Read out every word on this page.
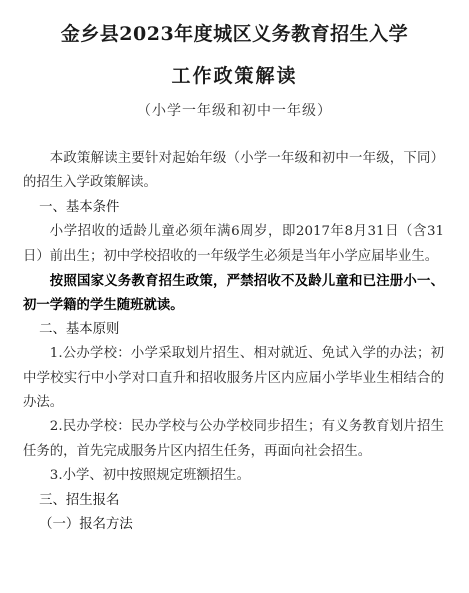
金乡县2023年度城区义务教育招生入学
工作政策解读
（小学一年级和初中一年级）

本政策解读主要针对起始年级（小学一年级和初中一年级，下同）的招生入学政策解读。

一、基本条件

小学招收的适龄儿童必须年满6周岁，即2017年8月31日（含31日）前出生；初中学校招收的一年级学生必须是当年小学应届毕业生。

按照国家义务教育招生政策，严禁招收不及龄儿童和已注册小一、初一学籍的学生随班就读。

二、基本原则

1.公办学校：小学采取划片招生、相对就近、免试入学的办法；初中学校实行中小学对口直升和招收服务片区内应届小学毕业生相结合的办法。

2.民办学校：民办学校与公办学校同步招生；有义务教育划片招生任务的，首先完成服务片区内招生任务，再面向社会招生。

3.小学、初中按照规定班额招生。

三、招生报名

（一）报名方法
